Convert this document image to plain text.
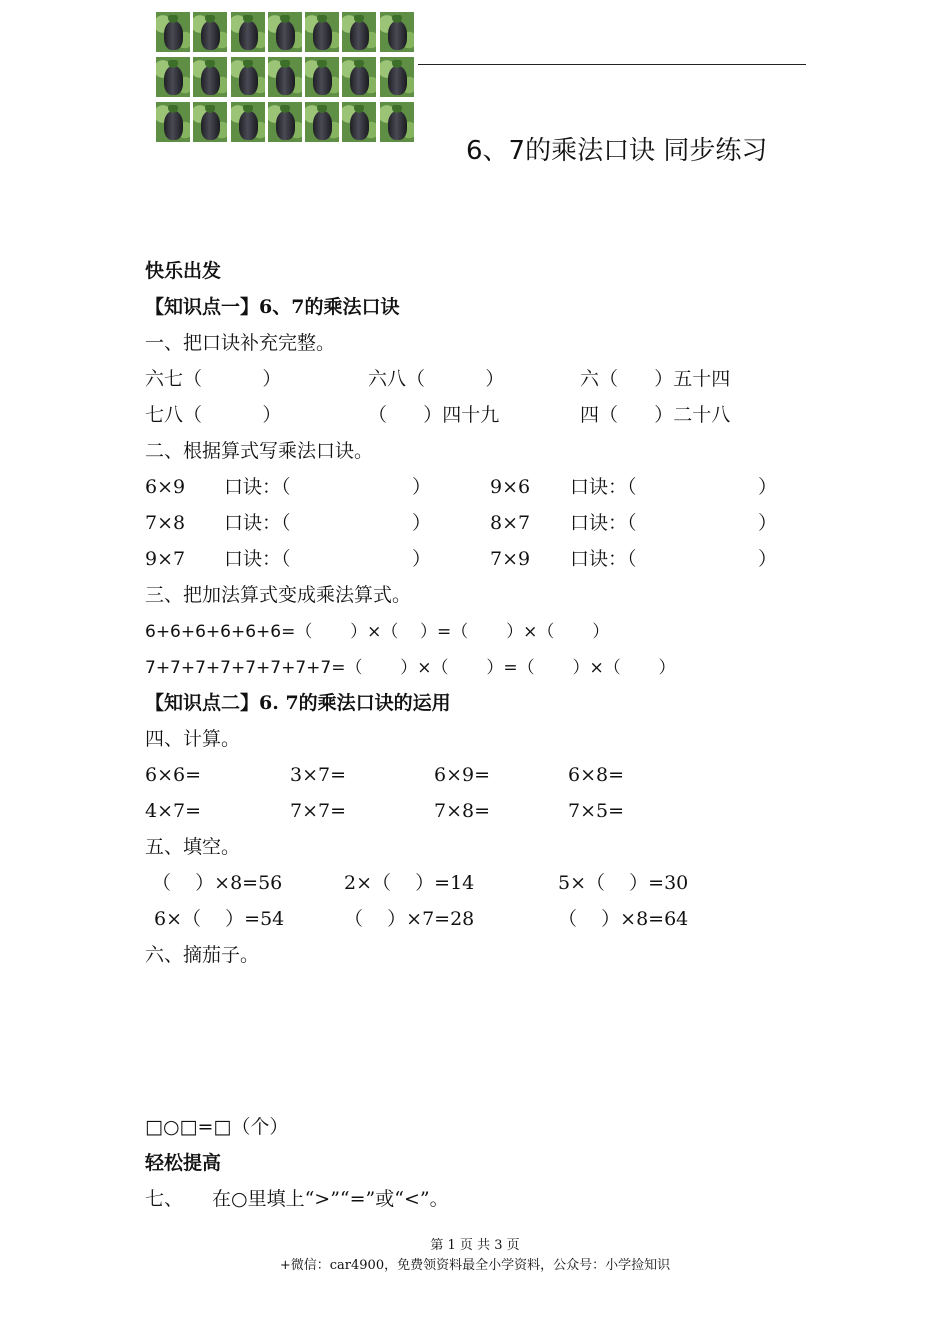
6、7的乘法口诀 同步练习
快乐出发
【知识点一】6、7的乘法口诀
一、把口诀补充完整。
六七（          ）	六八（          ）	六（      ）五十四
七八（          ）	（      ）四十九	四（      ）二十八
二、根据算式写乘法口诀。
6×9 口诀：（	）	9×6 口诀：（	）
7×8 口诀：（	）	8×7 口诀：（	）
9×7 口诀：（	）	7×9 口诀：（	）
三、把加法算式变成乘法算式。
6+6+6+6+6+6=（       ）×（    ）=（       ）×（       ）
7+7+7+7+7+7+7+7=（       ）×（       ）=（       ）×（       ）
【知识点二】6. 7的乘法口诀的运用
四、计算。
6×6=	3×7=	6×9=	6×8=
4×7=	7×7=	7×8=	7×5=
五、填空。
（    ）×8=56	2×（    ）=14	5×（    ）=30
6×（    ）=54	（    ）×7=28	（    ）×8=64
六、摘茄子。
□○□=□（个）
轻松提高
七、 在○里填上“>”“=”或“<”。
第 1 页 共 3 页
+微信：car4900，免费领资料最全小学资料，公众号：小学捡知识
